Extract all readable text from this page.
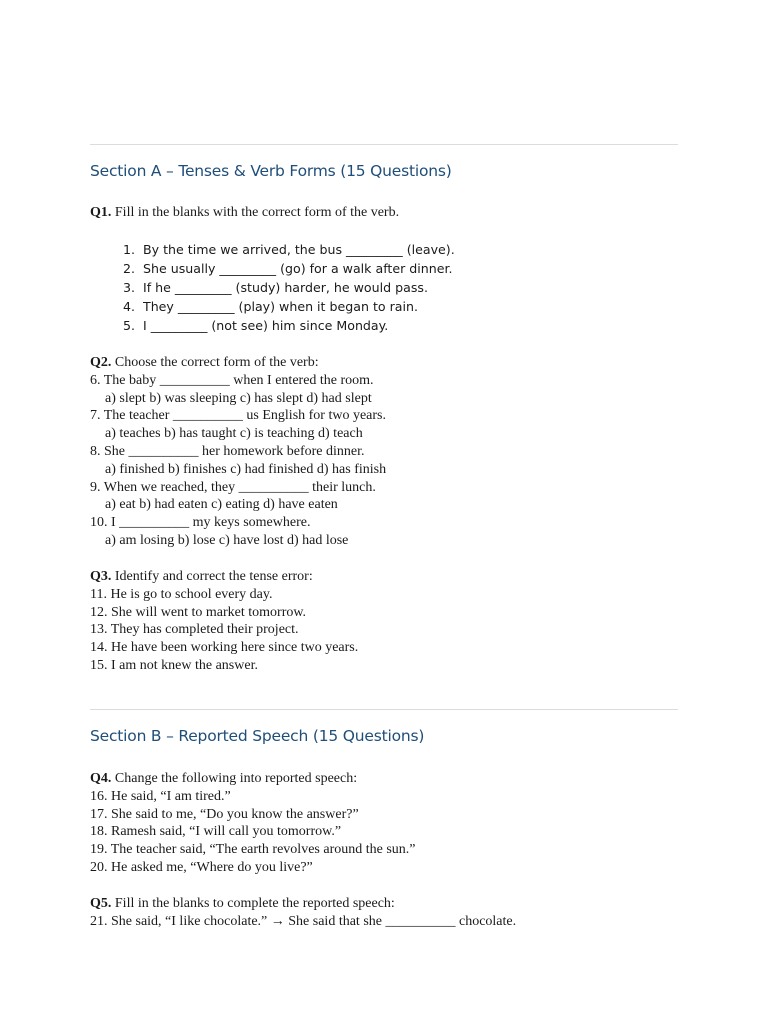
Section A – Tenses & Verb Forms (15 Questions)
Q1. Fill in the blanks with the correct form of the verb.
1. By the time we arrived, the bus _________ (leave).
2. She usually _________ (go) for a walk after dinner.
3. If he _________ (study) harder, he would pass.
4. They _________ (play) when it began to rain.
5. I _________ (not see) him since Monday.
Q2. Choose the correct form of the verb:
6. The baby __________ when I entered the room.
a) slept b) was sleeping c) has slept d) had slept
7. The teacher __________ us English for two years.
a) teaches b) has taught c) is teaching d) teach
8. She __________ her homework before dinner.
a) finished b) finishes c) had finished d) has finish
9. When we reached, they __________ their lunch.
a) eat b) had eaten c) eating d) have eaten
10. I __________ my keys somewhere.
a) am losing b) lose c) have lost d) had lose
Q3. Identify and correct the tense error:
11. He is go to school every day.
12. She will went to market tomorrow.
13. They has completed their project.
14. He have been working here since two years.
15. I am not knew the answer.
Section B – Reported Speech (15 Questions)
Q4. Change the following into reported speech:
16. He said, “I am tired.”
17. She said to me, “Do you know the answer?”
18. Ramesh said, “I will call you tomorrow.”
19. The teacher said, “The earth revolves around the sun.”
20. He asked me, “Where do you live?”
Q5. Fill in the blanks to complete the reported speech:
21. She said, “I like chocolate.” → She said that she __________ chocolate.
